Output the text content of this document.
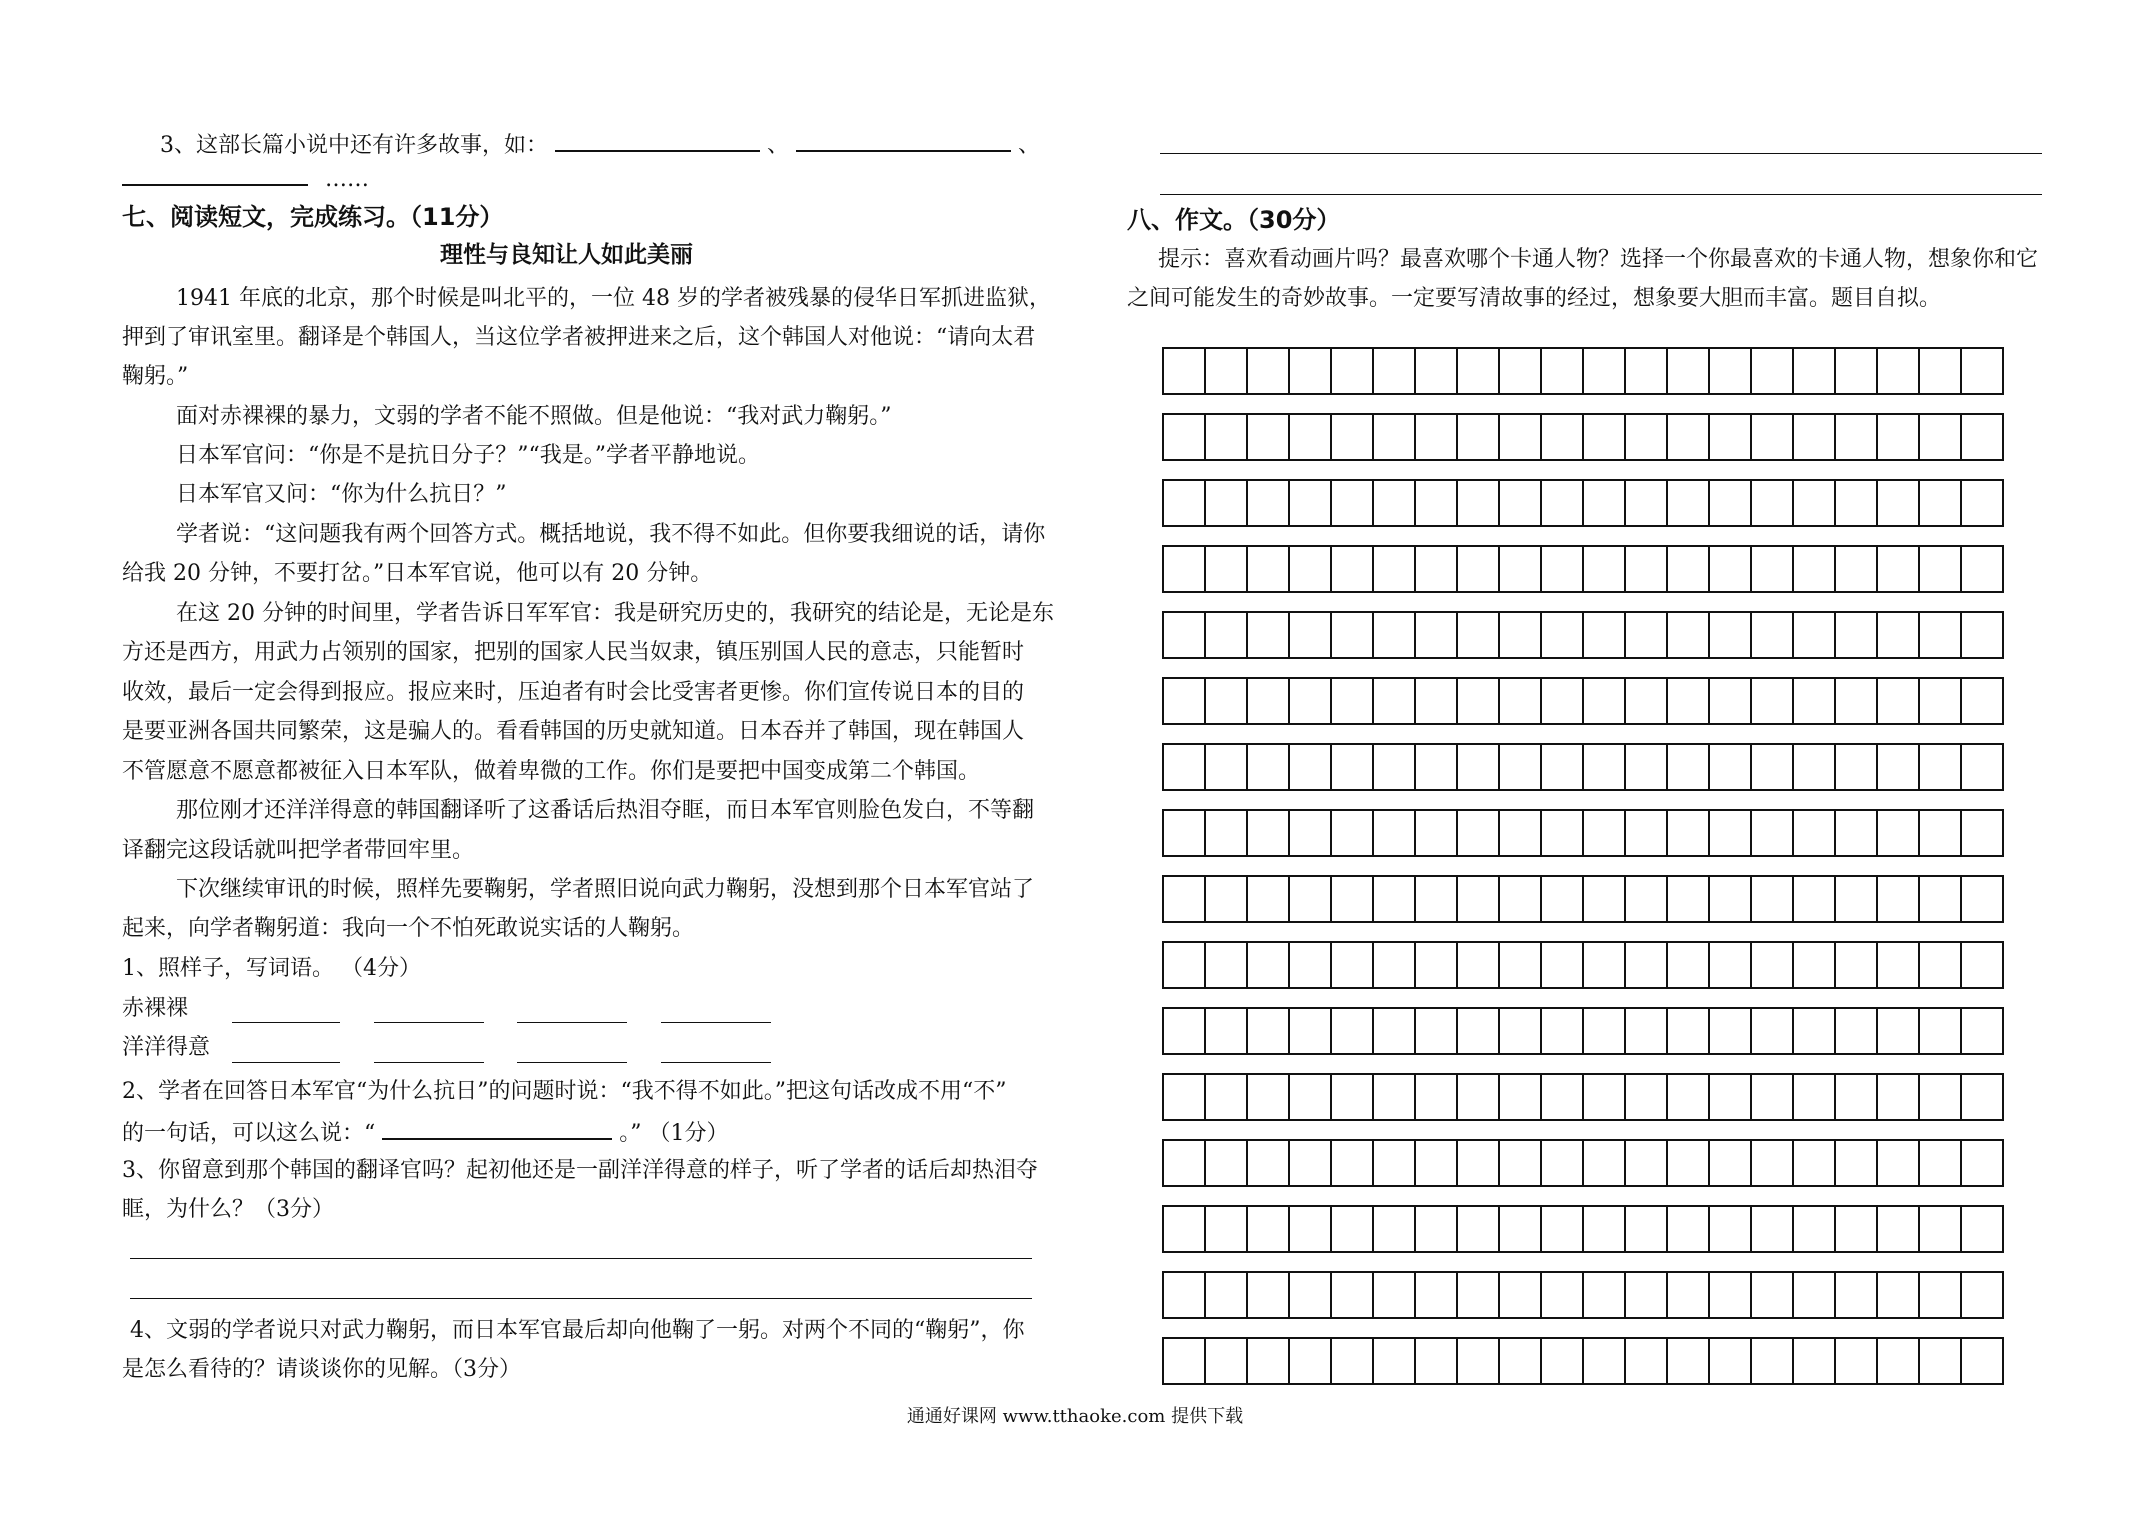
3、这部长篇小说中还有许多故事，如：	、	、
……
七、阅读短文，完成练习。（11分）
理性与良知让人如此美丽
1941 年底的北京，那个时候是叫北平的，一位 48 岁的学者被残暴的侵华日军抓进监狱，
押到了审讯室里。翻译是个韩国人，当这位学者被押进来之后，这个韩国人对他说：“请向太君
鞠躬。”
面对赤裸裸的暴力，文弱的学者不能不照做。但是他说：“我对武力鞠躬。”
日本军官问：“你是不是抗日分子？”“我是。”学者平静地说。
日本军官又问：“你为什么抗日？”
学者说：“这问题我有两个回答方式。概括地说，我不得不如此。但你要我细说的话，请你
给我 20 分钟，不要打岔。”日本军官说，他可以有 20 分钟。
在这 20 分钟的时间里，学者告诉日军军官：我是研究历史的，我研究的结论是，无论是东
方还是西方，用武力占领别的国家，把别的国家人民当奴隶，镇压别国人民的意志，只能暂时
收效，最后一定会得到报应。报应来时，压迫者有时会比受害者更惨。你们宣传说日本的目的
是要亚洲各国共同繁荣，这是骗人的。看看韩国的历史就知道。日本吞并了韩国，现在韩国人
不管愿意不愿意都被征入日本军队，做着卑微的工作。你们是要把中国变成第二个韩国。
那位刚才还洋洋得意的韩国翻译听了这番话后热泪夺眶，而日本军官则脸色发白，不等翻
译翻完这段话就叫把学者带回牢里。
下次继续审讯的时候，照样先要鞠躬，学者照旧说向武力鞠躬，没想到那个日本军官站了
起来，向学者鞠躬道：我向一个不怕死敢说实话的人鞠躬。
1、照样子，写词语。 （4分）
赤裸裸
洋洋得意
2、学者在回答日本军官“为什么抗日”的问题时说：“我不得不如此。”把这句话改成不用“不”
的一句话，可以这么说：“	。” （1分）
3、你留意到那个韩国的翻译官吗？起初他还是一副洋洋得意的样子，听了学者的话后却热泪夺
眶，为什么？（3分）
4、文弱的学者说只对武力鞠躬，而日本军官最后却向他鞠了一躬。对两个不同的“鞠躬”，你
是怎么看待的？请谈谈你的见解。（3分）
八、作文。（30分）
提示：喜欢看动画片吗？最喜欢哪个卡通人物？选择一个你最喜欢的卡通人物，想象你和它
之间可能发生的奇妙故事。一定要写清故事的经过，想象要大胆而丰富。题目自拟。
通通好课网 www.tthaoke.com 提供下载
